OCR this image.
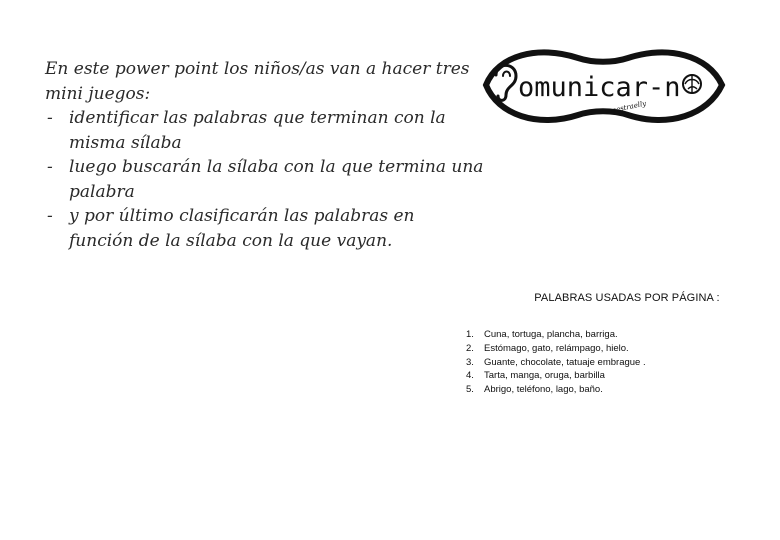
En este power point los niños/as van a hacer tres
mini juegos:
- identificar las palabras que terminan con la
misma sílaba
- luego buscarán la sílaba con la que termina una
palabra
- y por último clasificarán las palabras en
función de la sílaba con la que vayan.
omunicar-n
maestraelly
PALABRAS USADAS POR PÁGINA :
1. Cuna, tortuga, plancha, barriga.
2. Estómago, gato, relámpago, hielo.
3. Guante, chocolate, tatuaje embrague .
4. Tarta, manga, oruga, barbilla
5. Abrigo, teléfono, lago, baño.
